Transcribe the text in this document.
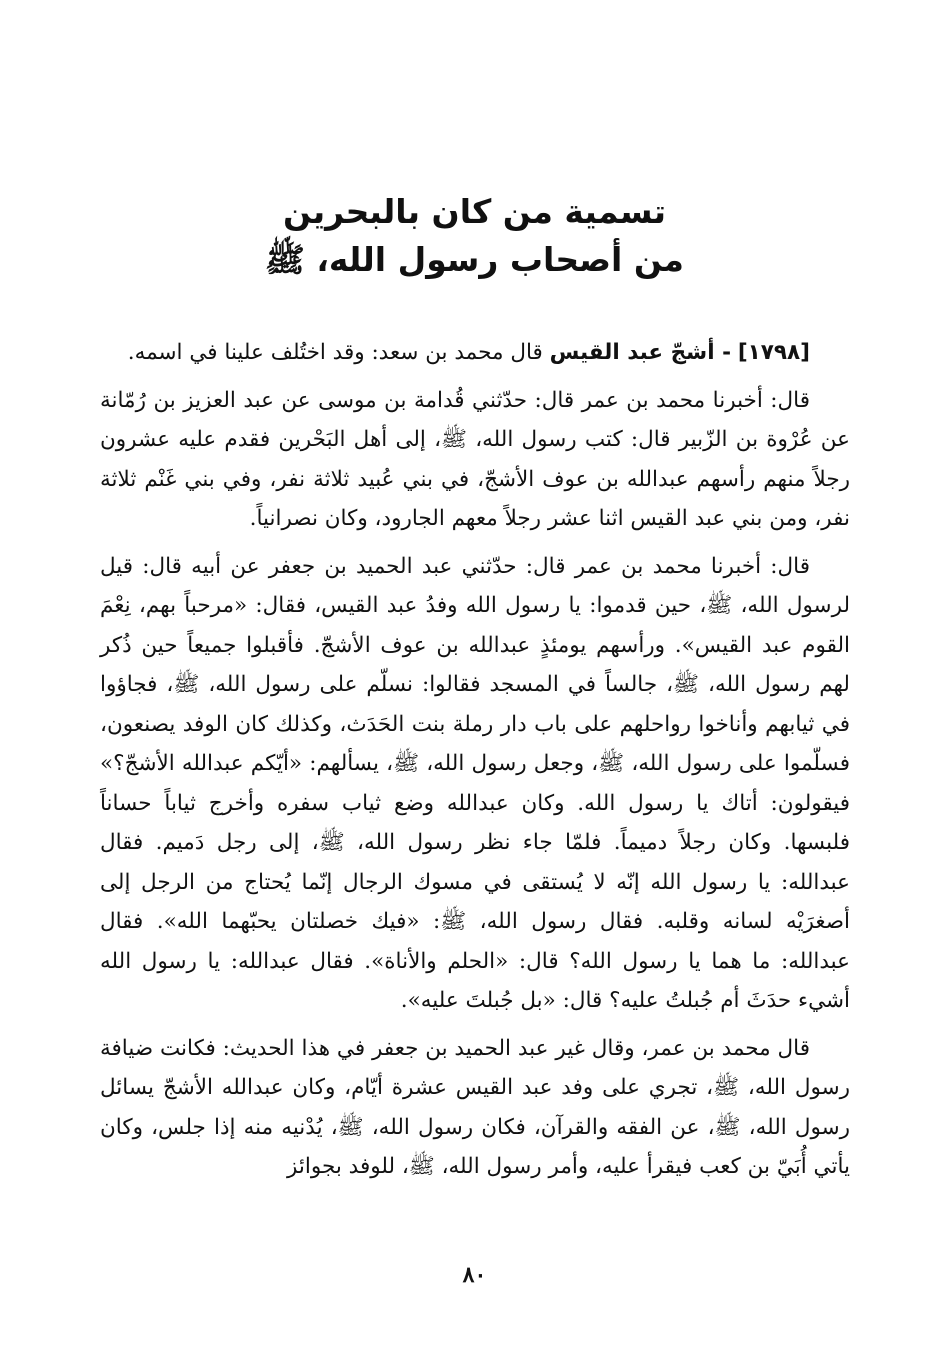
تسمية من كان بالبحرين

من أصحاب رسول الله، ﷺ

[١٧٩٨] - أشجّ عبد القيس قال محمد بن سعد: وقد اختُلف علينا في اسمه.

قال: أخبرنا محمد بن عمر قال: حدّثني قُدامة بن موسى عن عبد العزيز بن رُمّانة عن عُرْوة بن الزّبير قال: كتب رسول الله، ﷺ، إلى أهل البَحْرين فقدم عليه عشرون رجلاً منهم رأسهم عبدالله بن عوف الأشجّ، في بني عُبيد ثلاثة نفر، وفي بني غَنْم ثلاثة نفر، ومن بني عبد القيس اثنا عشر رجلاً معهم الجارود، وكان نصرانياً.

قال: أخبرنا محمد بن عمر قال: حدّثني عبد الحميد بن جعفر عن أبيه قال: قيل لرسول الله، ﷺ، حين قدموا: يا رسول الله وفدُ عبد القيس، فقال: «مرحباً بهم، نِعْمَ القوم عبد القيس». ورأسهم يومئذٍ عبدالله بن عوف الأشجّ. فأقبلوا جميعاً حين ذُكر لهم رسول الله، ﷺ، جالساً في المسجد فقالوا: نسلّم على رسول الله، ﷺ، فجاؤوا في ثيابهم وأناخوا رواحلهم على باب دار رملة بنت الحَدَث، وكذلك كان الوفد يصنعون، فسلّموا على رسول الله، ﷺ، وجعل رسول الله، ﷺ، يسألهم: «أيّكم عبدالله الأشجّ؟» فيقولون: أتاك يا رسول الله. وكان عبدالله وضع ثياب سفره وأخرج ثياباً حساناً فلبسها. وكان رجلاً دميماً. فلمّا جاء نظر رسول الله، ﷺ، إلى رجل دَميم. فقال عبدالله: يا رسول الله إنّه لا يُستقى في مسوك الرجال إنّما يُحتاج من الرجل إلى أصغرَيْه لسانه وقلبه. فقال رسول الله، ﷺ: «فيك خصلتان يحبّهما الله». فقال عبدالله: ما هما يا رسول الله؟ قال: «الحلم والأناة». فقال عبدالله: يا رسول الله أشيء حدَثَ أم جُبلتُ عليه؟ قال: «بل جُبلتَ عليه».

قال محمد بن عمر، وقال غير عبد الحميد بن جعفر في هذا الحديث: فكانت ضيافة رسول الله، ﷺ، تجري على وفد عبد القيس عشرة أيّام، وكان عبدالله الأشجّ يسائل رسول الله، ﷺ، عن الفقه والقرآن، فكان رسول الله، ﷺ، يُدْنيه منه إذا جلس، وكان يأتي أُبَيّ بن كعب فيقرأ عليه، وأمر رسول الله، ﷺ، للوفد بجوائز

٨٠
